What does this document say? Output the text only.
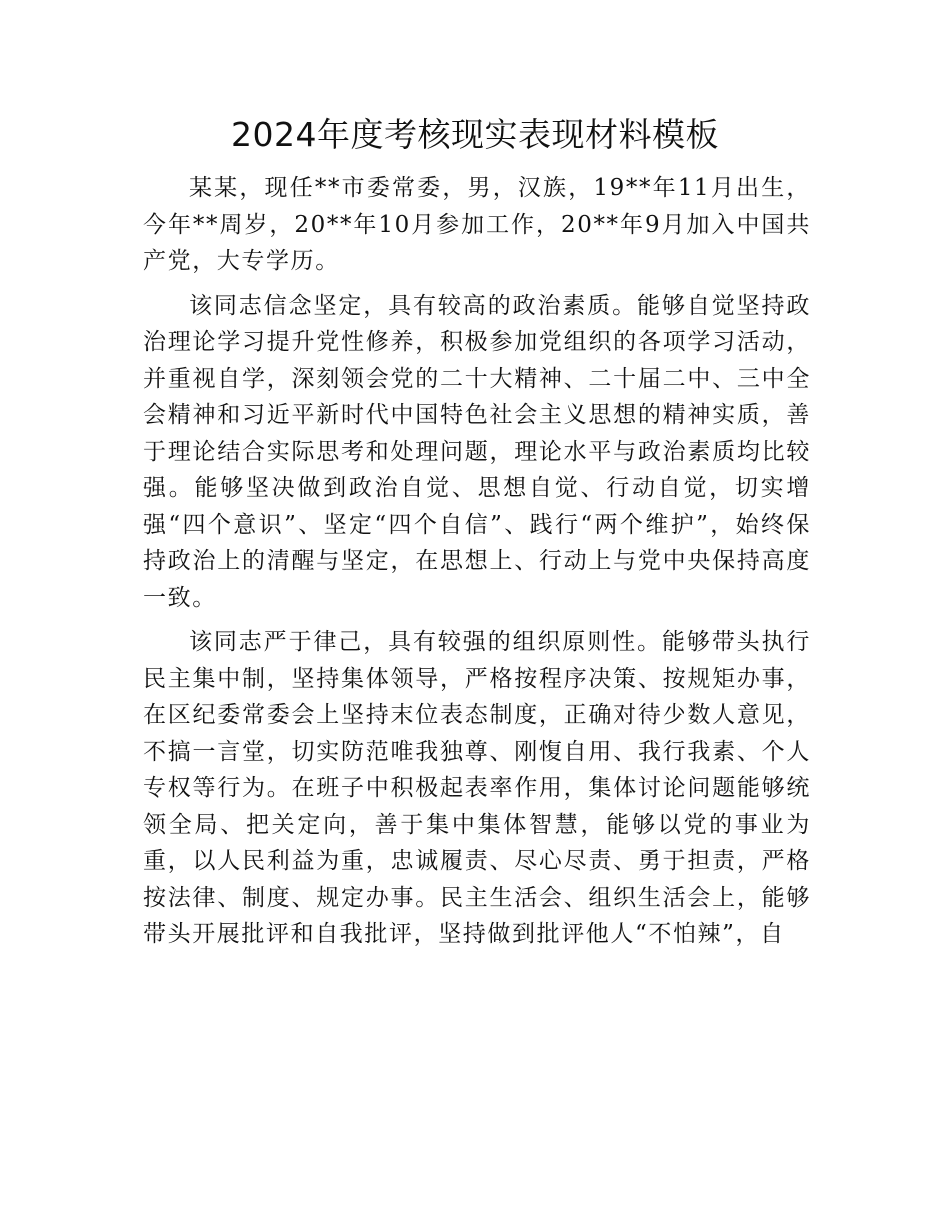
2024年度考核现实表现材料模板

某某，现任**市委常委，男，汉族，19**年11月出生，今年**周岁，20**年10月参加工作，20**年9月加入中国共产党，大专学历。

该同志信念坚定，具有较高的政治素质。能够自觉坚持政治理论学习提升党性修养，积极参加党组织的各项学习活动，并重视自学，深刻领会党的二十大精神、二十届二中、三中全会精神和习近平新时代中国特色社会主义思想的精神实质，善于理论结合实际思考和处理问题，理论水平与政治素质均比较强。能够坚决做到政治自觉、思想自觉、行动自觉，切实增强“四个意识”、坚定“四个自信”、践行“两个维护”，始终保持政治上的清醒与坚定，在思想上、行动上与党中央保持高度一致。

该同志严于律己，具有较强的组织原则性。能够带头执行民主集中制，坚持集体领导，严格按程序决策、按规矩办事，在区纪委常委会上坚持末位表态制度，正确对待少数人意见，不搞一言堂，切实防范唯我独尊、刚愎自用、我行我素、个人专权等行为。在班子中积极起表率作用，集体讨论问题能够统领全局、把关定向，善于集中集体智慧，能够以党的事业为重，以人民利益为重，忠诚履责、尽心尽责、勇于担责，严格按法律、制度、规定办事。民主生活会、组织生活会上，能够带头开展批评和自我批评，坚持做到批评他人“不怕辣”，自
